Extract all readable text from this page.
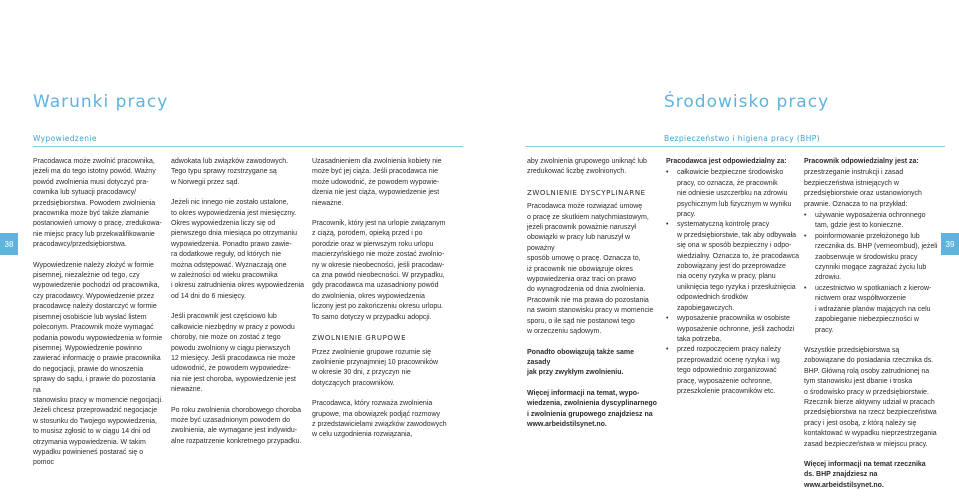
Warunki pracy
Wypowiedzenie
38

Pracodawca może zwolnić pracownika,
jeżeli ma do tego istotny powód. Ważny
powód zwolnienia musi dotyczyć pra-
cownika lub sytuacji pracodawcy/
przedsiębiorstwa. Powodem zwolnienia
pracownika może być także złamanie
postanowień umowy o pracę, zredukowa-
nie miejsc pracy lub przekwalifikowanie
pracodawcy/przedsiębiorstwa.

Wypowiedzenie należy złożyć w formie
pisemnej, niezależnie od tego, czy
wypowiedzenie pochodzi od pracownika,
czy pracodawcy. Wypowiedzenie przez
pracodawcę należy dostarczyć w formie
pisemnej osobiście lub wysłać listem
poleconym. Pracownik może wymagać
podania powodu wypowiedzenia w formie
pisemnej. Wypowiedzenie powinno
zawierać informację o prawie pracownika
do negocjacji, prawie do wnoszenia
sprawy do sądu, i prawie do pozostania na
stanowisku pracy w momencie negocjacji.
Jeżeli chcesz przeprowadzić negocjacje
w stosunku do Twojego wypowiedzenia,
to musisz zgłosić to w ciągu 14 dni od
otrzymania wypowiedzenia. W takim
wypadku powinieneś postarać się o pomoc

adwokata lub związków zawodowych.
Tego typu sprawy rozstrzygane są
w Norwegii przez sąd.

Jeżeli nic innego nie zostało ustalone,
to okres wypowiedzenia jest miesięczny.
Okres wypowiedzenia liczy się od
pierwszego dnia miesiąca po otrzymaniu
wypowiedzenia. Ponadto prawo zawie-
ra dodatkowe reguły, od których nie
można odstępować. Wyznaczają one
w zależności od wieku pracownika
i okresu zatrudnienia okres wypowiedzenia
od 14 dni do 6 miesięcy.

Jeśli pracownik jest częściowo lub
całkowicie niezbędny w pracy z powodu
choroby, nie może on zostać z tego
powodu zwolniony w ciągu pierwszych
12 miesięcy. Jeśli pracodawca nie może
udowodnić, że powodem wypowiedze-
nia nie jest choroba, wypowiedzenie jest
nieważne.

Po roku zwolnienia chorobowego choroba
może być uzasadnionym powodem do
zwolnienia, ale wymagane jest indywidu-
alne rozpatrzenie konkretnego przypadku.

Uzasadnieniem dla zwolnienia kobiety nie
może być jej ciąża. Jeśli pracodawca nie
może udowodnić, że powodem wypowie-
dzenia nie jest ciąża, wypowiedzenie jest
nieważne.

Pracownik, który jest na urlopie związanym
z ciążą, porodem, opieką przed i po
porodzie oraz w pierwszym roku urlopu
macierzyńskiego nie może zostać zwolnio-
ny w okresie nieobecności, jeśli pracodaw-
ca zna powód nieobecności. W przypadku,
gdy pracodawca ma uzasadniony powód
do zwolnienia, okres wypowiedzenia
liczony jest po zakończeniu okresu urlopu.
To samo dotyczy w przypadku adopcji.

ZWOLNIENIE GRUPOWE

Przez zwolnienie grupowe rozumie się
zwolnienie przynajmniej 10 pracowników
w okresie 30 dni, z przyczyn nie
dotyczących pracowników.

Pracodawca, który rozważa zwolnienia
grupowe, ma obowiązek podjąć rozmowy
z przedstawicielami związków zawodowych
w celu uzgodnienia rozwiązania,

Środowisko pracy
Bezpieczeństwo i higiena pracy (BHP)
39

aby zwolnienia grupowego uniknąć lub
zredukować liczbę zwolnionych.

ZWOLNIENIE DYSCYPLINARNE

Pracodawca może rozwiązać umowę
o pracę ze skutkiem natychmiastowym,
jeżeli pracownik poważnie naruszył
obowiązki w pracy lub naruszył w poważny
sposób umowę o pracę. Oznacza to,
iż pracownik nie obowiązuje okres
wypowiedzenia oraz traci on prawo
do wynagrodzenia od dnia zwolnienia.
Pracownik nie ma prawa do pozostania
na swoim stanowisku pracy w momencie
sporu, o ile sąd nie postanowi tego
w orzeczeniu sądowym.

Ponadto obowiązują także same zasady
jak przy zwykłym zwolnieniu.

Więcej informacji na temat, wypo-
wiedzenia, zwolnienia dyscyplinarnego
i zwolnienia grupowego znajdziesz na
www.arbeidstilsynet.no.

Pracodawca jest odpowiedzialny za:

• całkowicie bezpieczne środowisko
pracy, co oznacza, że pracownik
nie odniesie uszczerbku na zdrowiu
psychicznym lub fizycznym w wyniku
pracy.
• systematyczną kontrolę pracy
w przedsiębiorstwie, tak aby odbywała
się ona w sposób bezpieczny i odpo-
wiedzialny. Oznacza to, że pracodawca
zobowiązany jest do przeprowadze
nia oceny ryzyka w pracy, planu
uniknięcia tego ryzyka i przesłużnięcia
odpowiednich środków
zapobiegawczych.
• wyposażenie pracownika w osobiste
wyposażenie ochronne, jeśli zachodzi
taka potrzeba.
• przed rozpoczęciem pracy należy
przeprowadzić ocenę ryzyka i wg
tego odpowiednio zorganizować
pracę, wyposażenie ochronne,
przeszkolenie pracowników etc.

Pracownik odpowiedzialny jest za:

przestrzeganie instrukcji i zasad
bezpieczeństwa istniejących w
przedsiębiorstwie oraz ustanowionych
prawnie. Oznacza to na przykład:

• używanie wyposażenia ochronnego
tam, gdzie jest to konieczne.
• poinformowanie przełożonego lub
rzecznika ds. BHP (verneombud), jeżeli
zaobserwuje w środowisku pracy
czynniki mogące zagrażać życiu lub
zdrowiu.
• uczestnictwo w spotkaniach z kierow-
nictwem oraz współtworzenie
i wdrażanie planów mających na celu
zapobieganie niebezpieczności w pracy.

Wszystkie przedsiębiorstwa są
zobowiązane do posiadania rzecznika ds.
BHP. Główną rolą osoby zatrudnionej na
tym stanowisku jest dbanie i troska
o środowisko pracy w przedsiębiorstwie.
Rzecznik bierze aktywny udział w pracach
przedsiębiorstwa na rzecz bezpieczeństwa
pracy i jest osobą, z którą należy się
kontaktować w wypadku nieprzestrzegania
zasad bezpieczeństwa w miejscu pracy.

Więcej informacji na temat rzecznika
ds. BHP znajdziesz na
www.arbeidstilsynet.no.
